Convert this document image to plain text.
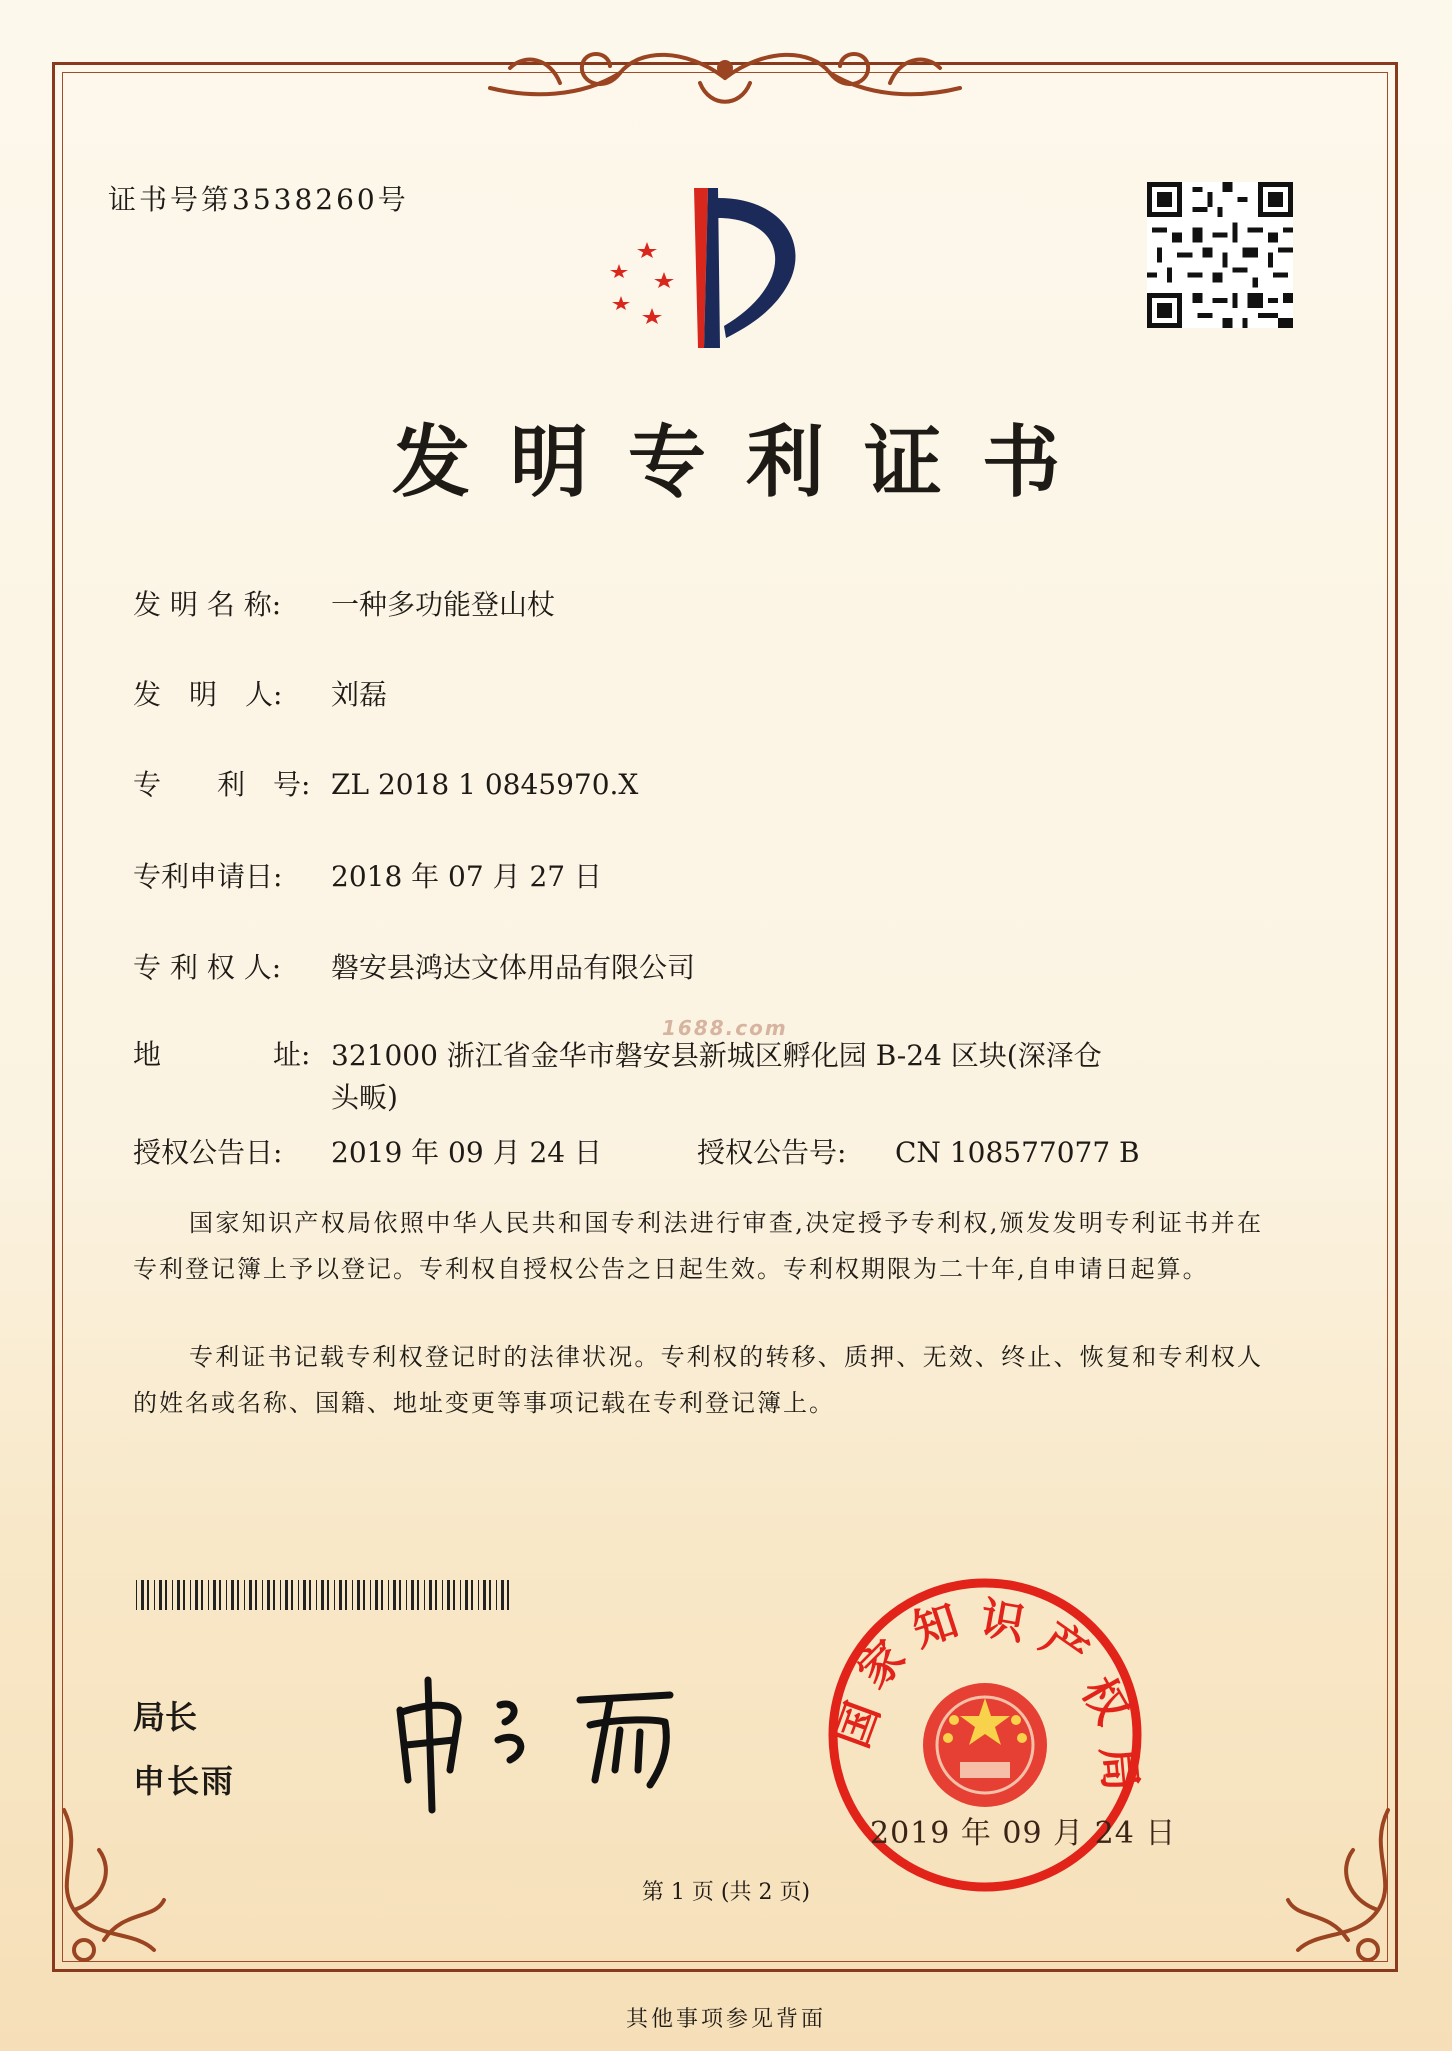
证书号第3538260号
发明专利证书
发 明 名 称: 一种多功能登山杖
发　明　人: 刘磊
专　　利　号: ZL 2018 1 0845970.X
专利申请日: 2018 年 07 月 27 日
专 利 权 人: 磐安县鸿达文体用品有限公司
地　　　　址: 321000 浙江省金华市磐安县新城区孵化园 B-24 区块(深泽仓头畈)
授权公告日: 2019 年 09 月 24 日	授权公告号: CN 108577077 B
1688.com
国家知识产权局依照中华人民共和国专利法进行审查,决定授予专利权,颁发发明专利证书并在专利登记簿上予以登记。专利权自授权公告之日起生效。专利权期限为二十年,自申请日起算。
专利证书记载专利权登记时的法律状况。专利权的转移、质押、无效、终止、恢复和专利权人的姓名或名称、国籍、地址变更等事项记载在专利登记簿上。
局长
申长雨
国
家
知 识 产
权
局
2019 年 09 月 24 日
第 1 页 (共 2 页)
其他事项参见背面
